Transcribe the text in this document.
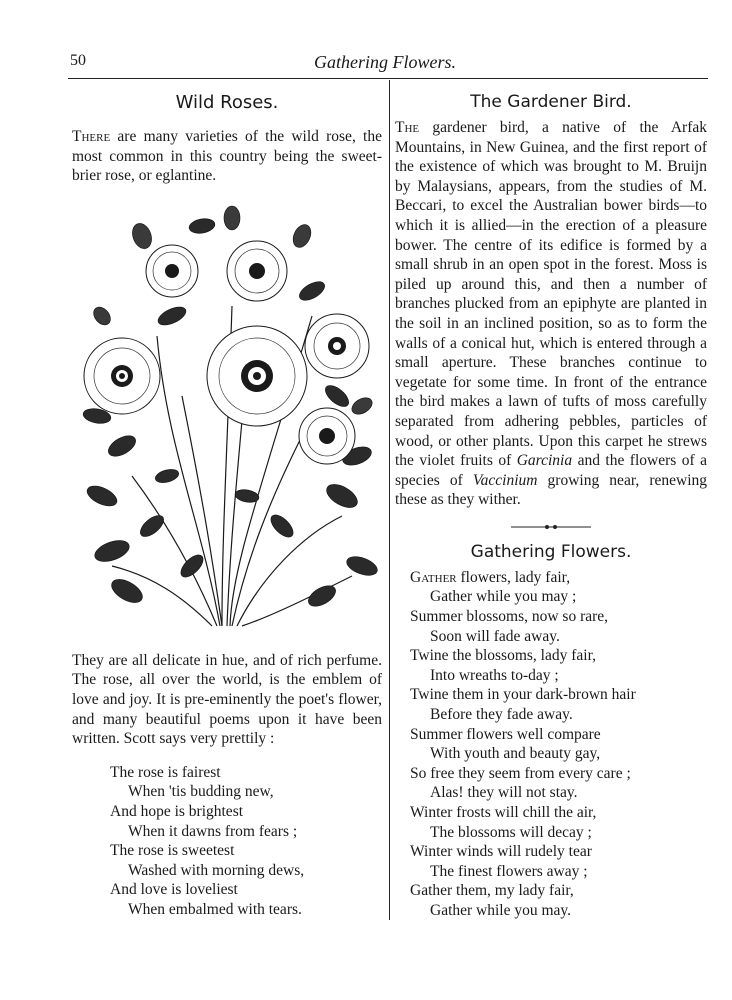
50	Gathering Flowers.
Wild Roses.

There are many varieties of the wild rose, the most common in this country being the sweet-brier rose, or eglantine.

They are all delicate in hue, and of rich perfume. The rose, all over the world, is the emblem of love and joy. It is pre-eminently the poet's flower, and many beautiful poems upon it have been written. Scott says very prettily :

The rose is fairest
When 'tis budding new,
And hope is brightest
When it dawns from fears ;
The rose is sweetest
Washed with morning dews,
And love is loveliest
When embalmed with tears.
The Gardener Bird.

The gardener bird, a native of the Arfak Mountains, in New Guinea, and the first report of the existence of which was brought to M. Bruijn by Malaysians, appears, from the studies of M. Beccari, to excel the Australian bower birds—to which it is allied—in the erection of a pleasure bower. The centre of its edifice is formed by a small shrub in an open spot in the forest. Moss is piled up around this, and then a number of branches plucked from an epiphyte are planted in the soil in an inclined position, so as to form the walls of a conical hut, which is entered through a small aperture. These branches continue to vegetate for some time. In front of the entrance the bird makes a lawn of tufts of moss carefully separated from adhering pebbles, particles of wood, or other plants. Upon this carpet he strews the violet fruits of Garcinia and the flowers of a species of Vaccinium growing near, renewing these as they wither.

Gathering Flowers.
Gather flowers, lady fair,
Gather while you may ;
Summer blossoms, now so rare,
Soon will fade away.
Twine the blossoms, lady fair,
Into wreaths to-day ;
Twine them in your dark-brown hair
Before they fade away.
Summer flowers well compare
With youth and beauty gay,
So free they seem from every care ;
Alas! they will not stay.
Winter frosts will chill the air,
The blossoms will decay ;
Winter winds will rudely tear
The finest flowers away ;
Gather them, my lady fair,
Gather while you may.
